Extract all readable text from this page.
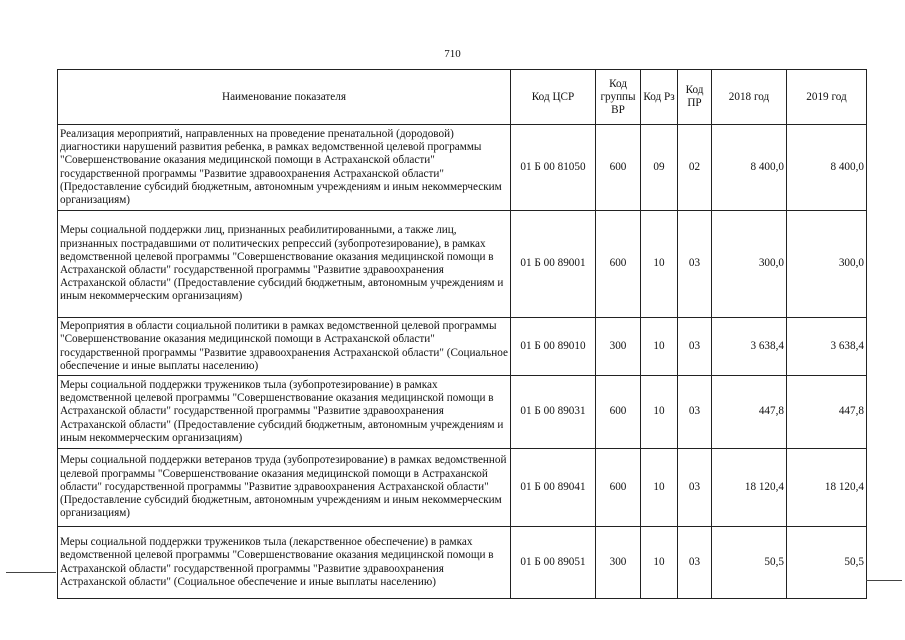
710
Наименование показателя	Код ЦСР	Код группы ВР	Код Рз	Код ПР	2018 год	2019 год
Реализация мероприятий, направленных на проведение пренатальной (дородовой) диагностики нарушений развития ребенка, в рамках ведомственной целевой программы "Совершенствование оказания медицинской помощи в Астраханской области" государственной программы "Развитие здравоохранения Астраханской области" (Предоставление субсидий бюджетным, автономным учреждениям и иным некоммерческим организациям)	01 Б 00 81050	600	09	02	8 400,0	8 400,0
Меры социальной поддержки лиц, признанных реабилитированными, а также лиц, признанных пострадавшими от политических репрессий (зубопротезирование), в рамках ведомственной целевой программы "Совершенствование оказания медицинской помощи в Астраханской области" государственной программы "Развитие здравоохранения Астраханской области" (Предоставление субсидий бюджетным, автономным учреждениям и иным некоммерческим организациям)	01 Б 00 89001	600	10	03	300,0	300,0
Мероприятия в области социальной политики в рамках ведомственной целевой программы "Совершенствование оказания медицинской помощи в Астраханской области" государственной программы "Развитие здравоохранения Астраханской области" (Социальное обеспечение и иные выплаты населению)	01 Б 00 89010	300	10	03	3 638,4	3 638,4
Меры социальной поддержки тружеников тыла (зубопротезирование) в рамках ведомственной целевой программы "Совершенствование оказания медицинской помощи в Астраханской области" государственной программы "Развитие здравоохранения Астраханской области" (Предоставление субсидий бюджетным, автономным учреждениям и иным некоммерческим организациям)	01 Б 00 89031	600	10	03	447,8	447,8
Меры социальной поддержки ветеранов труда (зубопротезирование) в рамках ведомственной целевой программы "Совершенствование оказания медицинской помощи в Астраханской области" государственной программы "Развитие здравоохранения Астраханской области" (Предоставление субсидий бюджетным, автономным учреждениям и иным некоммерческим организациям)	01 Б 00 89041	600	10	03	18 120,4	18 120,4
Меры социальной поддержки тружеников тыла (лекарственное обеспечение) в рамках ведомственной целевой программы "Совершенствование оказания медицинской помощи в Астраханской области" государственной программы "Развитие здравоохранения Астраханской области" (Социальное обеспечение и иные выплаты населению)	01 Б 00 89051	300	10	03	50,5	50,5
